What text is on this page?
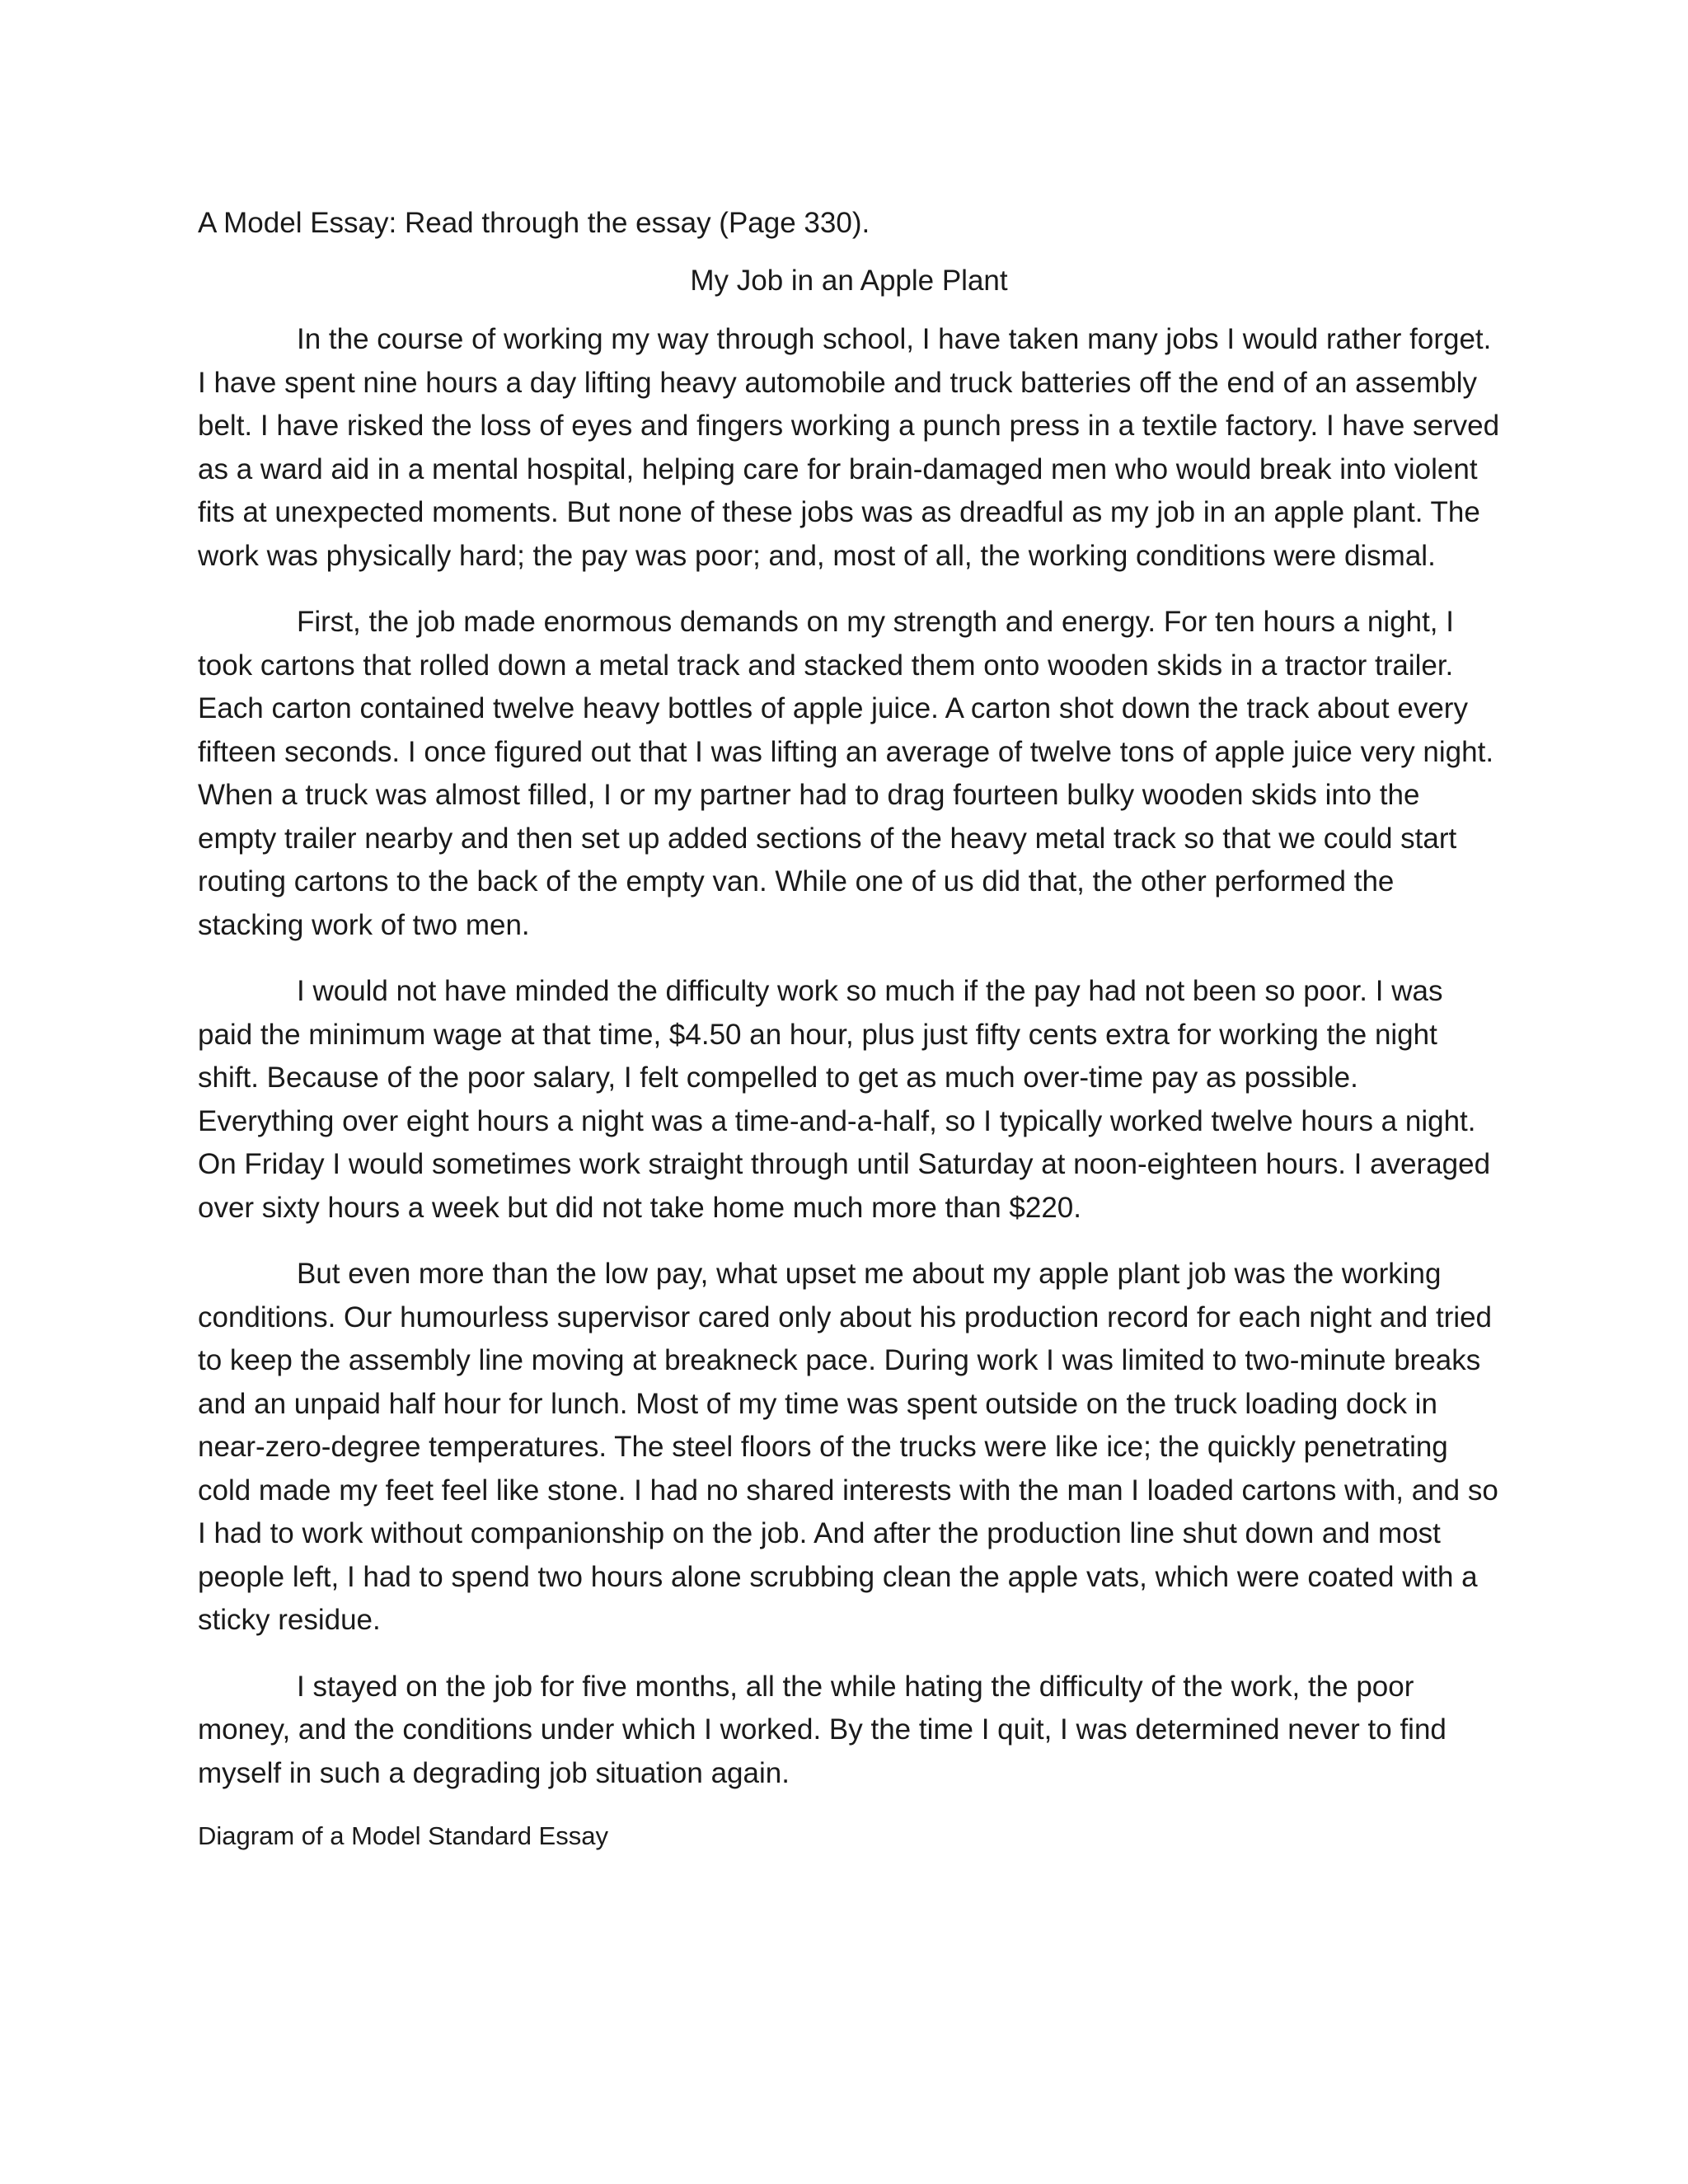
A Model Essay: Read through the essay (Page 330).

My Job in an Apple Plant

In the course of working my way through school, I have taken many jobs I would rather forget. I have spent nine hours a day lifting heavy automobile and truck batteries off the end of an assembly belt. I have risked the loss of eyes and fingers working a punch press in a textile factory. I have served as a ward aid in a mental hospital, helping care for brain-damaged men who would break into violent fits at unexpected moments. But none of these jobs was as dreadful as my job in an apple plant. The work was physically hard; the pay was poor; and, most of all, the working conditions were dismal.

First, the job made enormous demands on my strength and energy. For ten hours a night, I took cartons that rolled down a metal track and stacked them onto wooden skids in a tractor trailer. Each carton contained twelve heavy bottles of apple juice. A carton shot down the track about every fifteen seconds. I once figured out that I was lifting an average of twelve tons of apple juice very night. When a truck was almost filled, I or my partner had to drag fourteen bulky wooden skids into the empty trailer nearby and then set up added sections of the heavy metal track so that we could start routing cartons to the back of the empty van. While one of us did that, the other performed the stacking work of two men.

I would not have minded the difficulty work so much if the pay had not been so poor. I was paid the minimum wage at that time, $4.50 an hour, plus just fifty cents extra for working the night shift. Because of the poor salary, I felt compelled to get as much over-time pay as possible. Everything over eight hours a night was a time-and-a-half, so I typically worked twelve hours a night. On Friday I would sometimes work straight through until Saturday at noon-eighteen hours. I averaged over sixty hours a week but did not take home much more than $220.

But even more than the low pay, what upset me about my apple plant job was the working conditions. Our humourless supervisor cared only about his production record for each night and tried to keep the assembly line moving at breakneck pace. During work I was limited to two-minute breaks and an unpaid half hour for lunch. Most of my time was spent outside on the truck loading dock in near-zero-degree temperatures. The steel floors of the trucks were like ice; the quickly penetrating cold made my feet feel like stone. I had no shared interests with the man I loaded cartons with, and so I had to work without companionship on the job. And after the production line shut down and most people left, I had to spend two hours alone scrubbing clean the apple vats, which were coated with a sticky residue.

I stayed on the job for five months, all the while hating the difficulty of the work, the poor money, and the conditions under which I worked. By the time I quit, I was determined never to find myself in such a degrading job situation again.

Diagram of a Model Standard Essay
